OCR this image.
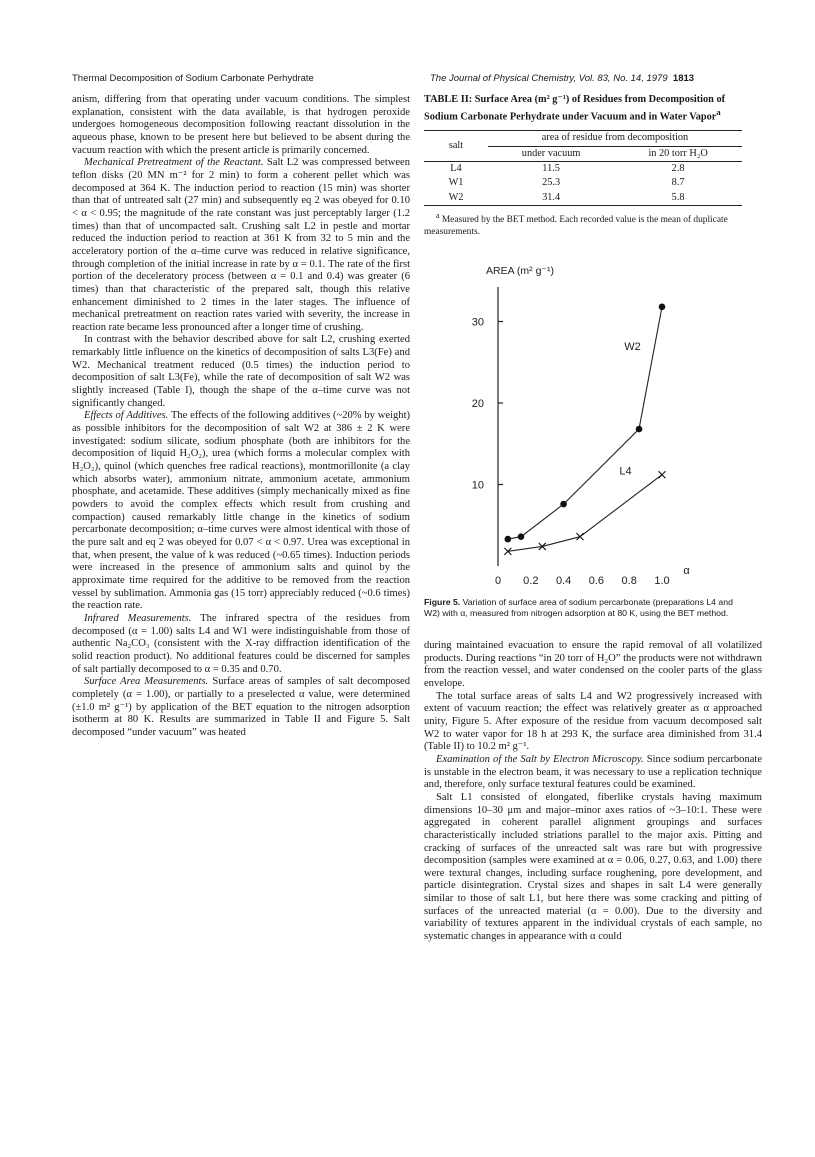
Thermal Decomposition of Sodium Carbonate Perhydrate	The Journal of Physical Chemistry, Vol. 83, No. 14, 1979 1813

anism, differing from that operating under vacuum conditions. The simplest explanation, consistent with the data available, is that hydrogen peroxide undergoes homogeneous decomposition following reactant dissolution in the aqueous phase, known to be present here but believed to be absent during the vacuum reaction with which the present article is primarily concerned.

Mechanical Pretreatment of the Reactant. Salt L2 was compressed between teflon disks (20 MN m⁻² for 2 min) to form a coherent pellet which was decomposed at 364 K. The induction period to reaction (15 min) was shorter than that of untreated salt (27 min) and subsequently eq 2 was obeyed for 0.10 < α < 0.95; the magnitude of the rate constant was just perceptably larger (1.2 times) than that of uncompacted salt. Crushing salt L2 in pestle and mortar reduced the induction period to reaction at 361 K from 32 to 5 min and the acceleratory portion of the α–time curve was reduced in relative significance, through completion of the initial increase in rate by α = 0.1. The rate of the first portion of the deceleratory process (between α = 0.1 and 0.4) was greater (6 times) than that characteristic of the prepared salt, though this relative enhancement diminished to 2 times in the later stages. The influence of mechanical pretreatment on reaction rates varied with severity, the increase in reaction rate became less pronounced after a longer time of crushing.

In contrast with the behavior described above for salt L2, crushing exerted remarkably little influence on the kinetics of decomposition of salts L3(Fe) and W2. Mechanical treatment reduced (0.5 times) the induction period to decomposition of salt L3(Fe), while the rate of decomposition of salt W2 was slightly increased (Table I), though the shape of the α–time curve was not significantly changed.

Effects of Additives. The effects of the following additives (~20% by weight) as possible inhibitors for the decomposition of salt W2 at 386 ± 2 K were investigated: sodium silicate, sodium phosphate (both are inhibitors for the decomposition of liquid H₂O₂), urea (which forms a molecular complex with H₂O₂), quinol (which quenches free radical reactions), montmorillonite (a clay which absorbs water), ammonium nitrate, ammonium acetate, ammonium phosphate, and acetamide. These additives (simply mechanically mixed as fine powders to avoid the complex effects which result from crushing and compaction) caused remarkably little change in the kinetics of sodium percarbonate decomposition; α–time curves were almost identical with those of the pure salt and eq 2 was obeyed for 0.07 < α < 0.97. Urea was exceptional in that, when present, the value of k was reduced (~0.65 times). Induction periods were increased in the presence of ammonium salts and quinol by the approximate time required for the additive to be removed from the reaction vessel by sublimation. Ammonia gas (15 torr) appreciably reduced (~0.6 times) the reaction rate.

Infrared Measurements. The infrared spectra of the residues from decomposed (α = 1.00) salts L4 and W1 were indistinguishable from those of authentic Na₂CO₃ (consistent with the X-ray diffraction identification of the solid reaction product). No additional features could be discerned for samples of salt partially decomposed to α = 0.35 and 0.70.

Surface Area Measurements. Surface areas of samples of salt decomposed completely (α = 1.00), or partially to a preselected α value, were determined (±1.0 m² g⁻¹) by application of the BET equation to the nitrogen adsorption isotherm at 80 K. Results are summarized in Table II and Figure 5. Salt decomposed “under vacuum” was heated

TABLE II: Surface Area (m² g⁻¹) of Residues from Decomposition of Sodium Carbonate Perhydrate under Vacuum and in Water Vapor$^a$
salt	area of residue from decomposition	
	under vacuum	in 20 torr H₂O
L4	11.5	2.8
W1	25.3	8.7
W2	31.4	5.8
$^a$ Measured by the BET method. Each recorded value is the mean of duplicate measurements.
10
20
30
AREA (m² g⁻¹)
0 0.2 0.4 0.6 0.8 1.0
α
W2
L4
Figure 5. Variation of surface area of sodium percarbonate (preparations L4 and W2) with α, measured from nitrogen adsorption at 80 K, using the BET method.

during maintained evacuation to ensure the rapid removal of all volatilized products. During reactions “in 20 torr of H₂O” the products were not withdrawn from the reaction vessel, and water condensed on the cooler parts of the glass envelope.

The total surface areas of salts L4 and W2 progressively increased with extent of vacuum reaction; the effect was relatively greater as α approached unity, Figure 5. After exposure of the residue from vacuum decomposed salt W2 to water vapor for 18 h at 293 K, the surface area diminished from 31.4 (Table II) to 10.2 m² g⁻¹.

Examination of the Salt by Electron Microscopy. Since sodium percarbonate is unstable in the electron beam, it was necessary to use a replication technique and, therefore, only surface textural features could be examined.

Salt L1 consisted of elongated, fiberlike crystals having maximum dimensions 10–30 μm and major–minor axes ratios of ~3–10:1. These were aggregated in coherent parallel alignment groupings and surfaces characteristically included striations parallel to the major axis. Pitting and cracking of surfaces of the unreacted salt was rare but with progressive decomposition (samples were examined at α = 0.06, 0.27, 0.63, and 1.00) there were textural changes, including surface roughening, pore development, and particle disintegration. Crystal sizes and shapes in salt L4 were generally similar to those of salt L1, but here there was some cracking and pitting of surfaces of the unreacted material (α = 0.00). Due to the diversity and variability of textures apparent in the individual crystals of each sample, no systematic changes in appearance with α could
